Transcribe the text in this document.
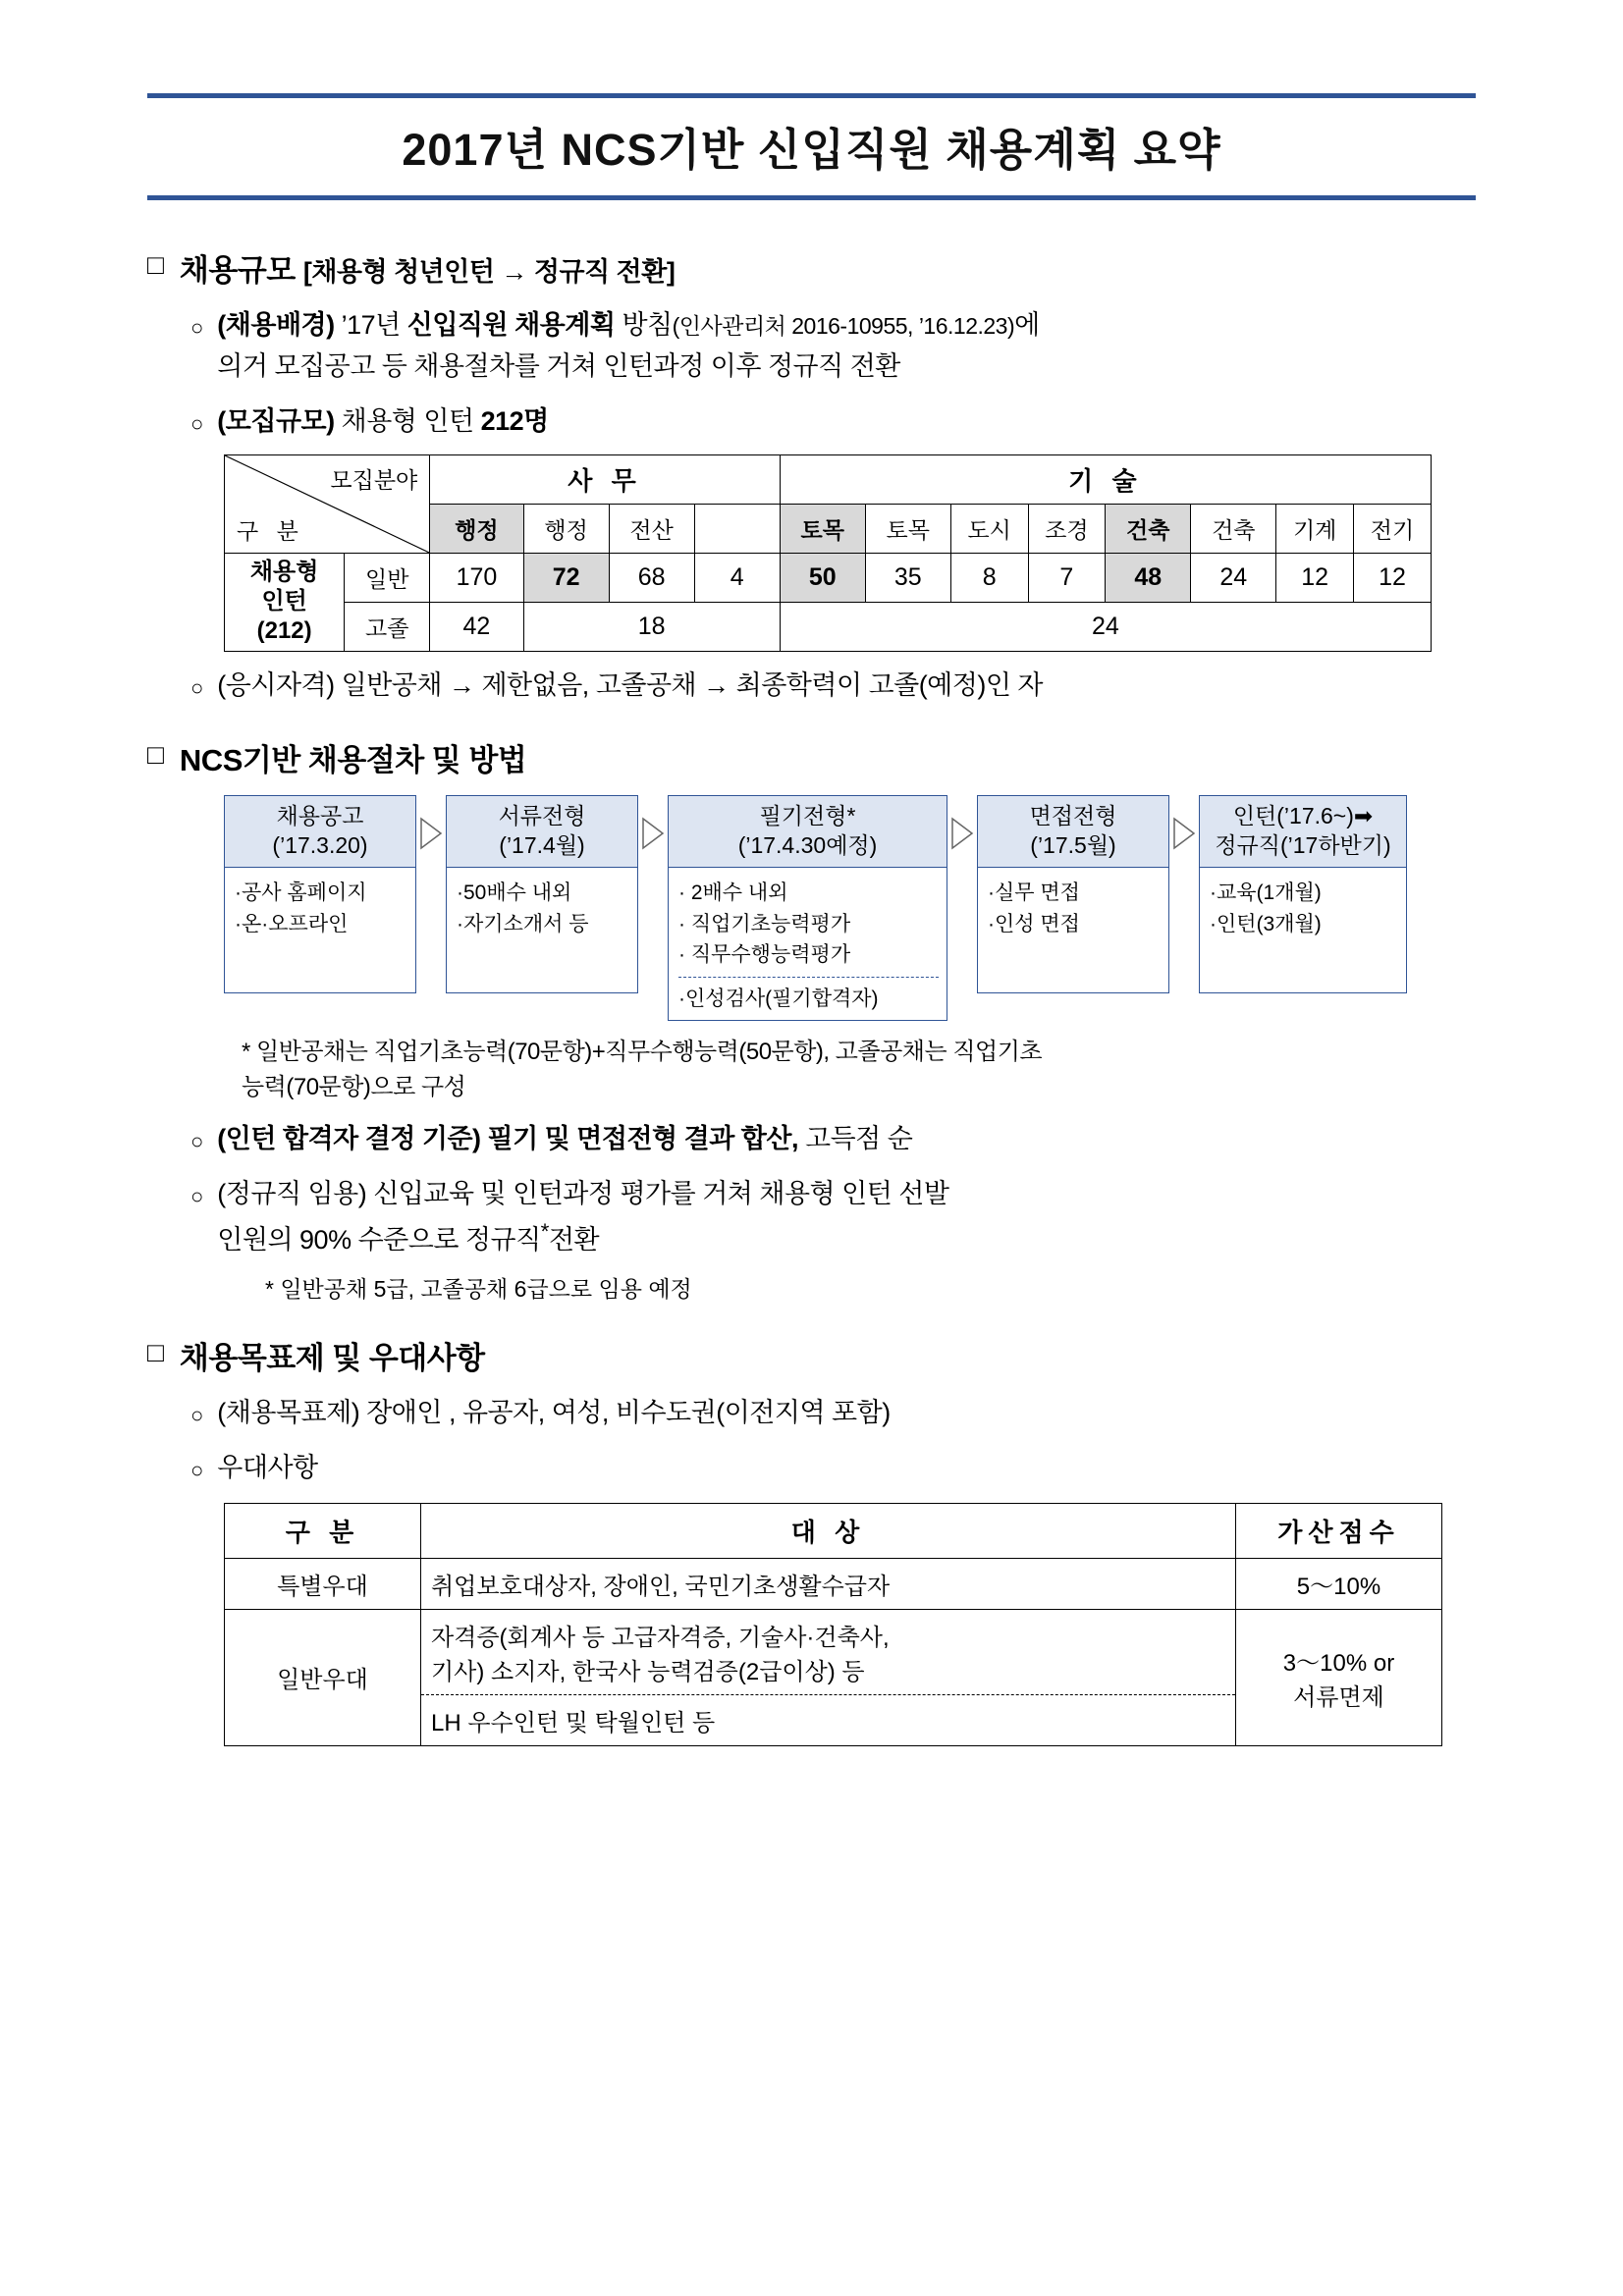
2017년 NCS기반 신입직원 채용계획 요약
□ 채용규모 [채용형 청년인턴 → 정규직 전환]
○ (채용배경) ’17년 신입직원 채용계획 방침(인사관리처 2016-10955, ’16.12.23)에
의거 모집공고 등 채용절차를 거쳐 인턴과정 이후 정규직 전환
○ (모집규모) 채용형 인턴 212명
모집분야
구 분		사 무				기 술							
		행정	행정	전산		토목	토목	도시	조경	건축	건축	기계	전기
채용형
인턴
(212)	일반	170	72	68	4	50	35	8	7	48	24	12	12
	고졸	42	18			24							
○ (응시자격) 일반공채 → 제한없음, 고졸공채 → 최종학력이 고졸(예정)인 자
□ NCS기반 채용절차 및 방법
채용공고
(’17.3.20)
·공사 홈페이지
·온·오프라인
서류전형
(’17.4월)
·50배수 내외
·자기소개서 등
필기전형*
(’17.4.30예정)
· 2배수 내외
· 직업기초능력평가
· 직무수행능력평가
·인성검사(필기합격자)
면접전형
(’17.5월)
·실무 면접
·인성 면접
인턴(’17.6~)➡
정규직(’17하반기)
·교육(1개월)
·인턴(3개월)
* 일반공채는 직업기초능력(70문항)+직무수행능력(50문항), 고졸공채는 직업기초
능력(70문항)으로 구성
○ (인턴 합격자 결정 기준) 필기 및 면접전형 결과 합산, 고득점 순
○ (정규직 임용) 신입교육 및 인턴과정 평가를 거쳐 채용형 인턴 선발
인원의 90% 수준으로 정규직*전환
* 일반공채 5급, 고졸공채 6급으로 임용 예정
□ 채용목표제 및 우대사항
○ (채용목표제) 장애인 , 유공자, 여성, 비수도권(이전지역 포함)
○ 우대사항
구 분	대 상	가산점수
특별우대	취업보호대상자, 장애인, 국민기초생활수급자	5～10%
일반우대	자격증(회계사 등 고급자격증, 기술사·건축사,
기사) 소지자, 한국사 능력검증(2급이상) 등	3～10% or
서류면제
	LH 우수인턴 및 탁월인턴 등	
